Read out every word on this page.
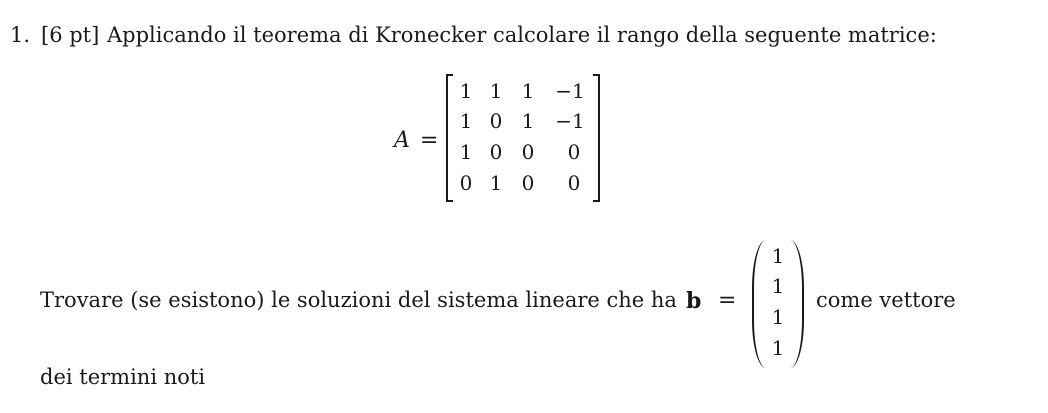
1. [6 pt] Applicando il teorema di Kronecker calcolare il rango della seguente matrice:
A =
1 1 1	−1
1 0 1	−1
1 0 0	0
0 1 0	0
Trovare (se esistono) le soluzioni del sistema lineare che ha b =
1
1
1
1
come vettore
dei termini noti
